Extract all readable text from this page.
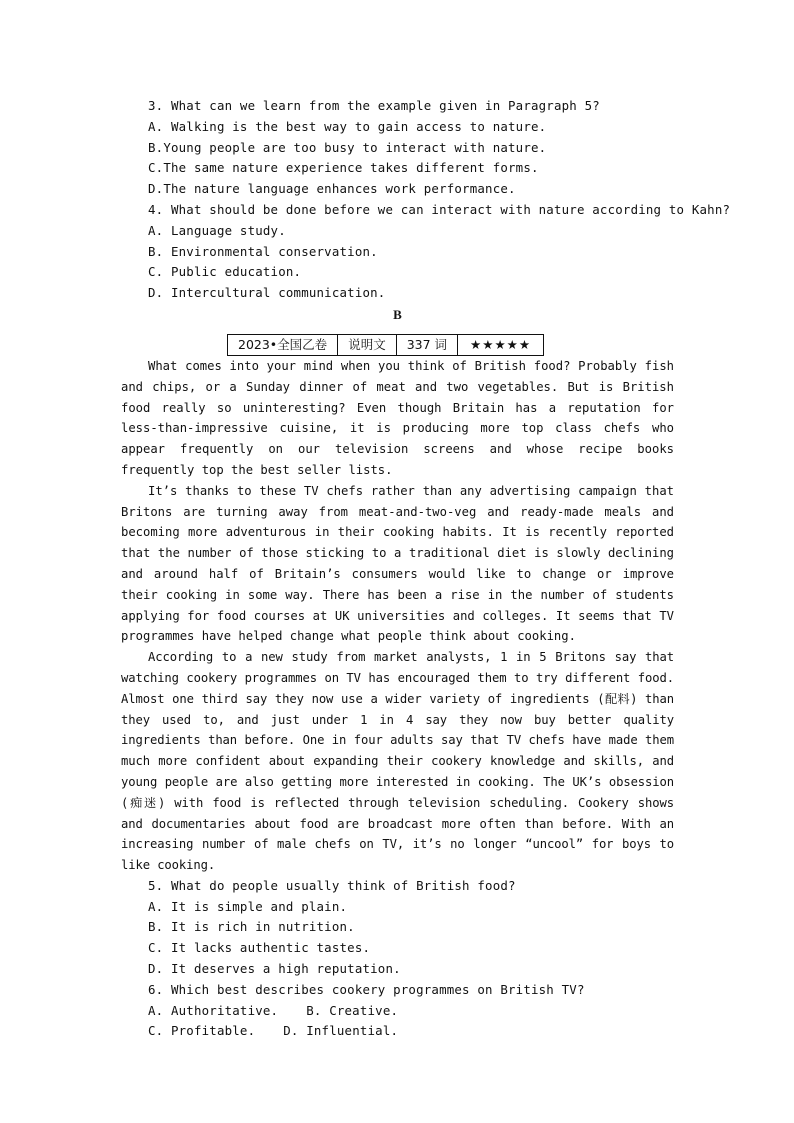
3. What can we learn from the example given in Paragraph 5?
A. Walking is the best way to gain access to nature.
B.Young people are too busy to interact with nature.
C.The same nature experience takes different forms.
D.The nature language enhances work performance.
4. What should be done before we can interact with nature according to Kahn?
A. Language study.
B. Environmental conservation.
C. Public education.
D. Intercultural communication.
B
2023•全国乙卷	说明文	337 词	★★★★★

What comes into your mind when you think of British food? Probably fish and chips, or a Sunday dinner of meat and two vegetables. But is British food really so uninteresting? Even though Britain has a reputation for less-than-impressive cuisine, it is producing more top class chefs who appear frequently on our television screens and whose recipe books frequently top the best seller lists.

It’s thanks to these TV chefs rather than any advertising campaign that Britons are turning away from meat-and-two-veg and ready-made meals and becoming more adventurous in their cooking habits. It is recently reported that the number of those sticking to a traditional diet is slowly declining and around half of Britain’s consumers would like to change or improve their cooking in some way. There has been a rise in the number of students applying for food courses at UK universities and colleges. It seems that TV programmes have helped change what people think about cooking.

According to a new study from market analysts, 1 in 5 Britons say that watching cookery programmes on TV has encouraged them to try different food. Almost one third say they now use a wider variety of ingredients (配料) than they used to, and just under 1 in 4 say they now buy better quality ingredients than before. One in four adults say that TV chefs have made them much more confident about expanding their cookery knowledge and skills, and young people are also getting more interested in cooking. The UK’s obsession (痴迷) with food is reflected through television scheduling. Cookery shows and documentaries about food are broadcast more often than before. With an increasing number of male chefs on TV, it’s no longer “uncool” for boys to like cooking.

5. What do people usually think of British food?
A. It is simple and plain.
B. It is rich in nutrition.
C. It lacks authentic tastes.
D. It deserves a high reputation.
6. Which best describes cookery programmes on British TV?
A. Authoritative. B. Creative.
C. Profitable. D. Influential.
